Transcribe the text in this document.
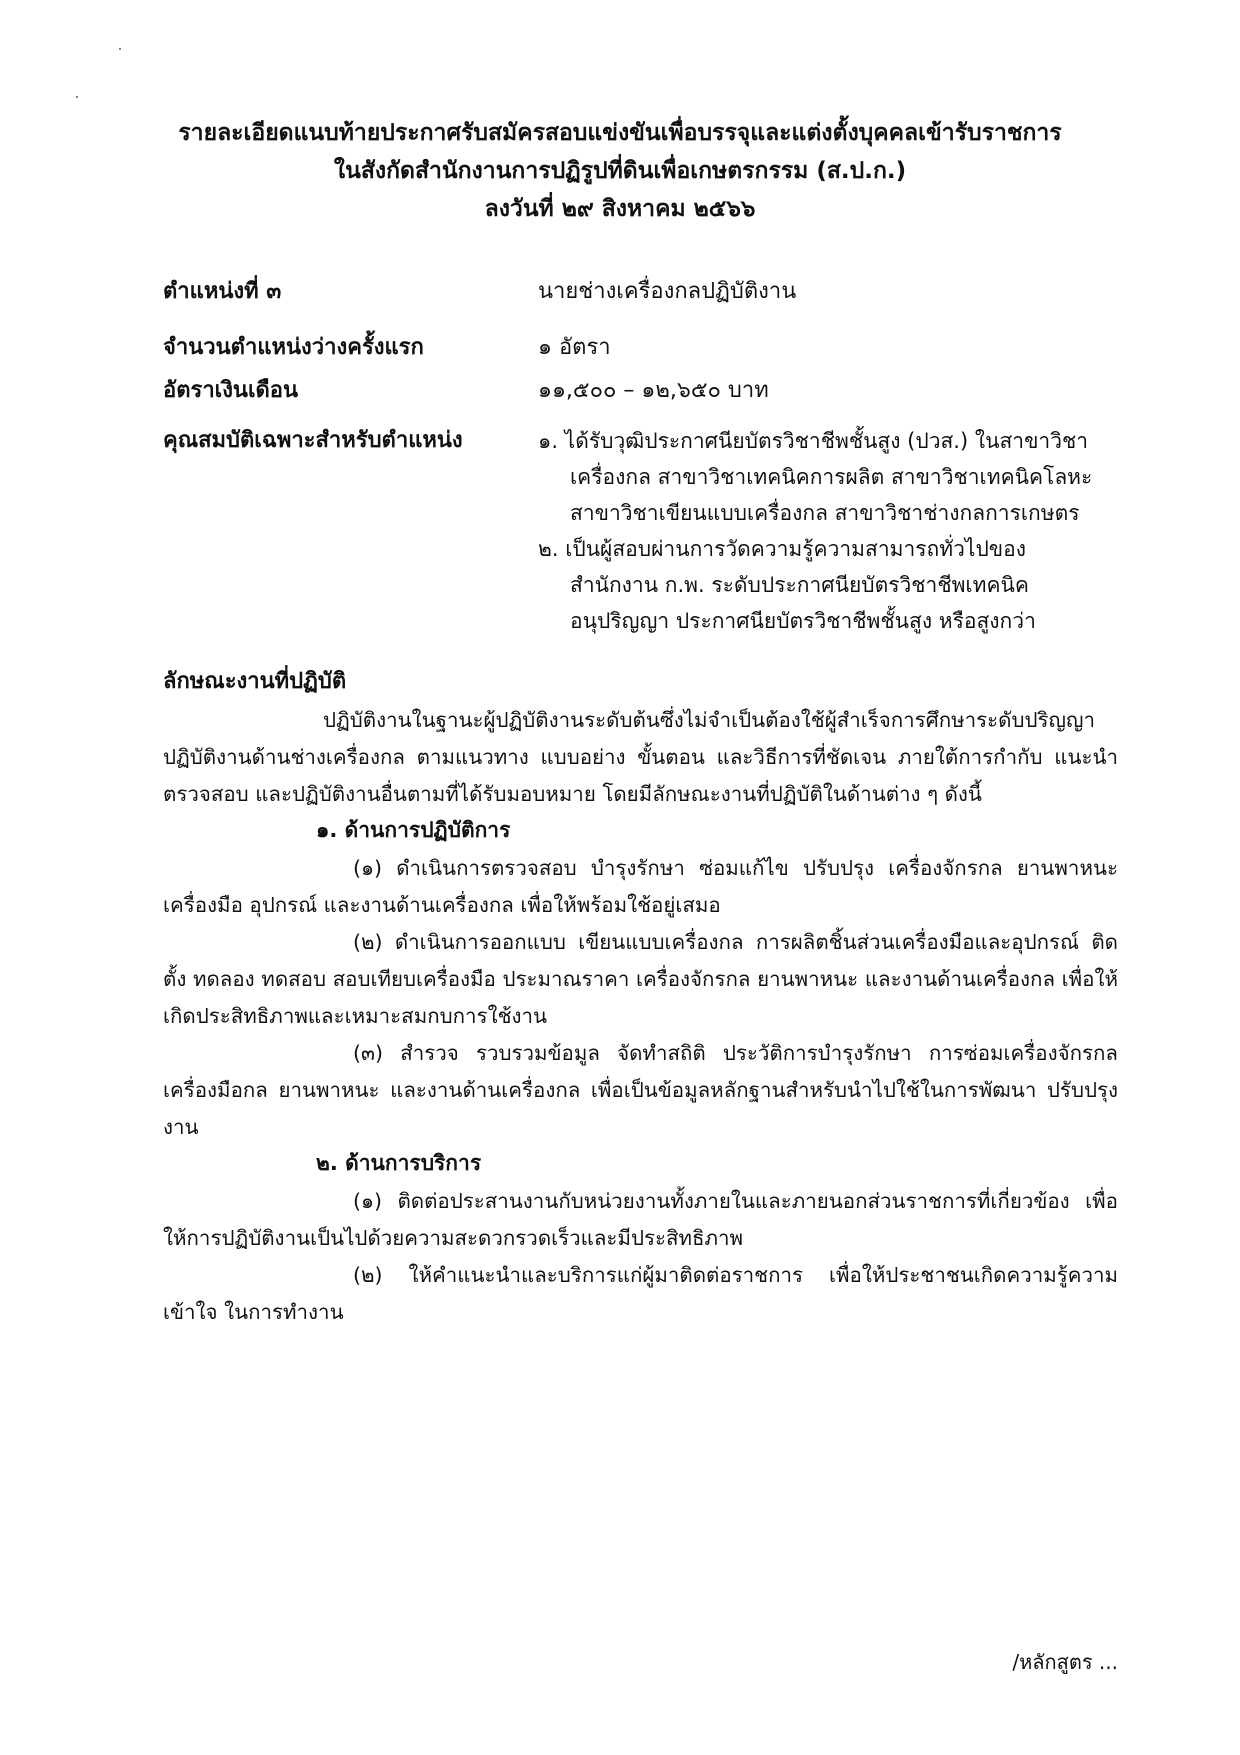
รายละเอียดแนบท้ายประกาศรับสมัครสอบแข่งขันเพื่อบรรจุและแต่งตั้งบุคคลเข้ารับราชการ
ในสังกัดสำนักงานการปฏิรูปที่ดินเพื่อเกษตรกรรม (ส.ป.ก.)
ลงวันที่ ๒๙ สิงหาคม ๒๕๖๖
ตำแหน่งที่ ๓	นายช่างเครื่องกลปฏิบัติงาน
จำนวนตำแหน่งว่างครั้งแรก	๑ อัตรา
อัตราเงินเดือน	๑๑,๕๐๐ – ๑๒,๖๕๐ บาท
คุณสมบัติเฉพาะสำหรับตำแหน่ง	๑. ได้รับวุฒิประกาศนียบัตรวิชาชีพชั้นสูง (ปวส.) ในสาขาวิชาเครื่องกล สาขาวิชาเทคนิคการผลิต สาขาวิชาเทคนิคโลหะ สาขาวิชาเขียนแบบเครื่องกล สาขาวิชาช่างกลการเกษตร

๒. เป็นผู้สอบผ่านการวัดความรู้ความสามารถทั่วไปของ สำนักงาน ก.พ. ระดับประกาศนียบัตรวิชาชีพเทคนิค อนุปริญญา ประกาศนียบัตรวิชาชีพชั้นสูง หรือสูงกว่า

ลักษณะงานที่ปฏิบัติ

ปฏิบัติงานในฐานะผู้ปฏิบัติงานระดับต้นซึ่งไม่จำเป็นต้องใช้ผู้สำเร็จการศึกษาระดับปริญญา ปฏิบัติงานด้านช่างเครื่องกล ตามแนวทาง แบบอย่าง ขั้นตอน และวิธีการที่ชัดเจน ภายใต้การกำกับ แนะนำ ตรวจสอบ และปฏิบัติงานอื่นตามที่ได้รับมอบหมาย โดยมีลักษณะงานที่ปฏิบัติในด้านต่าง ๆ ดังนี้

๑. ด้านการปฏิบัติการ

(๑) ดำเนินการตรวจสอบ บำรุงรักษา ซ่อมแก้ไข ปรับปรุง เครื่องจักรกล ยานพาหนะ เครื่องมือ อุปกรณ์ และงานด้านเครื่องกล เพื่อให้พร้อมใช้อยู่เสมอ

(๒) ดำเนินการออกแบบ เขียนแบบเครื่องกล การผลิตชิ้นส่วนเครื่องมือและอุปกรณ์ ติดตั้ง ทดลอง ทดสอบ สอบเทียบเครื่องมือ ประมาณราคา เครื่องจักรกล ยานพาหนะ และงานด้านเครื่องกล เพื่อให้เกิดประสิทธิภาพและเหมาะสมกบการใช้งาน

(๓) สำรวจ รวบรวมข้อมูล จัดทำสถิติ ประวัติการบำรุงรักษา การซ่อมเครื่องจักรกล เครื่องมือกล ยานพาหนะ และงานด้านเครื่องกล เพื่อเป็นข้อมูลหลักฐานสำหรับนำไปใช้ในการพัฒนา ปรับปรุงงาน

๒. ด้านการบริการ

(๑) ติดต่อประสานงานกับหน่วยงานทั้งภายในและภายนอกส่วนราชการที่เกี่ยวข้อง เพื่อให้การปฏิบัติงานเป็นไปด้วยความสะดวกรวดเร็วและมีประสิทธิภาพ

(๒) ให้คำแนะนำและบริการแก่ผู้มาติดต่อราชการ เพื่อให้ประชาชนเกิดความรู้ความเข้าใจ ในการทำงาน

/หลักสูตร ...
